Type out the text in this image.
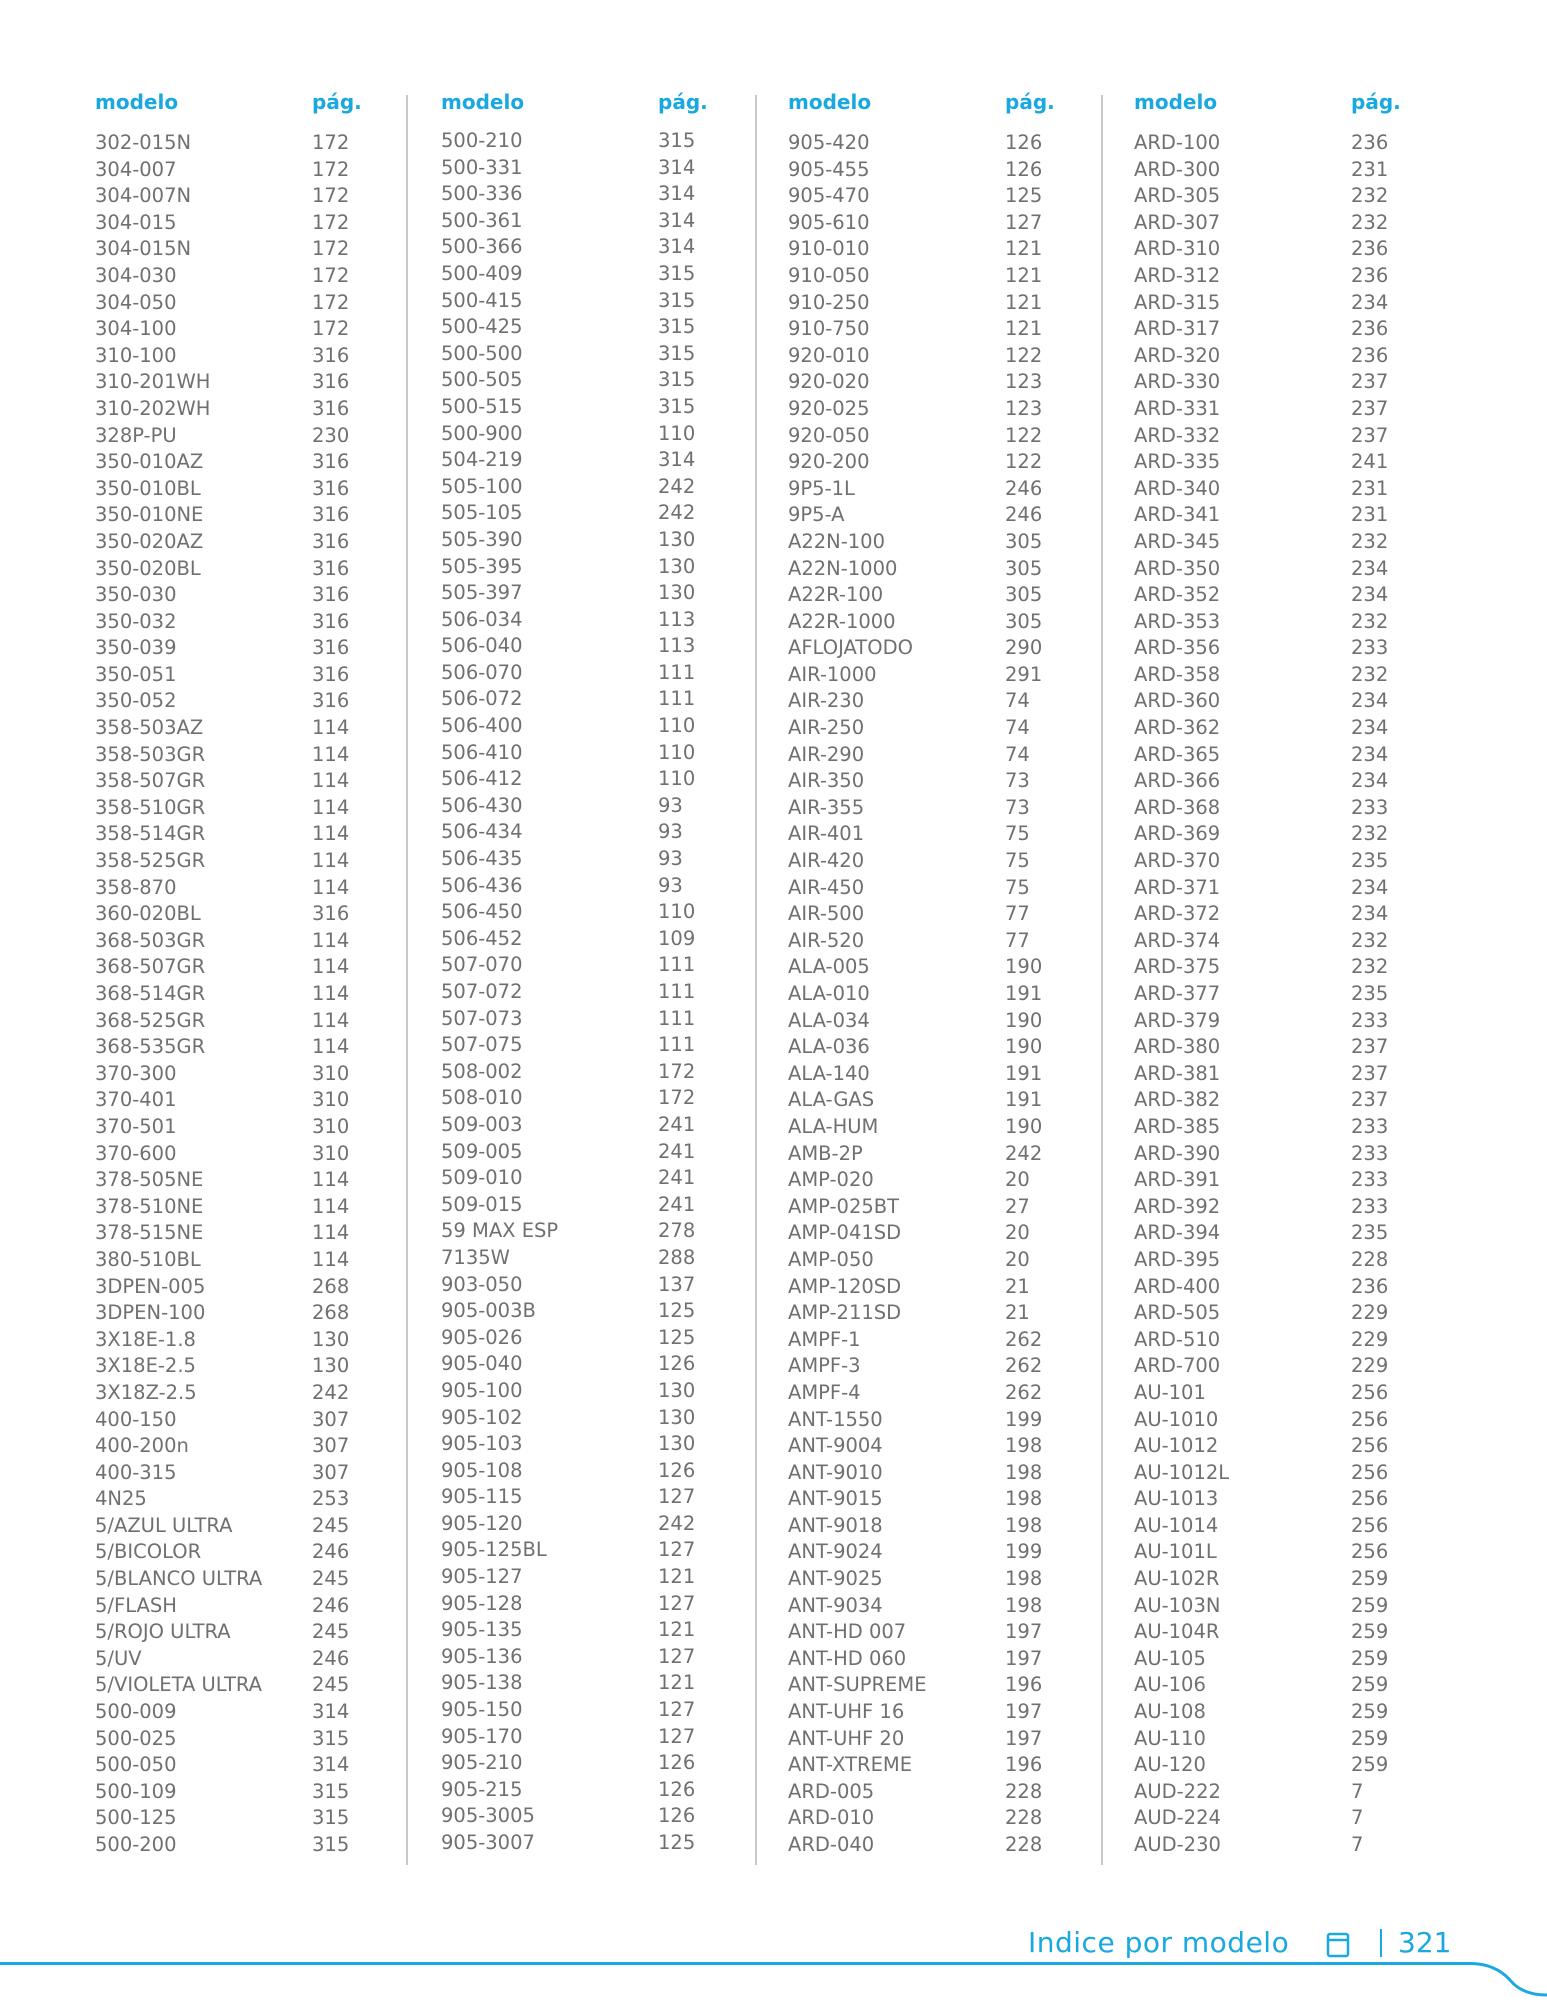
modelo	pág.
302-015N	172
304-007	172
304-007N	172
304-015	172
304-015N	172
304-030	172
304-050	172
304-100	172
310-100	316
310-201WH	316
310-202WH	316
328P-PU	230
350-010AZ	316
350-010BL	316
350-010NE	316
350-020AZ	316
350-020BL	316
350-030	316
350-032	316
350-039	316
350-051	316
350-052	316
358-503AZ	114
358-503GR	114
358-507GR	114
358-510GR	114
358-514GR	114
358-525GR	114
358-870	114
360-020BL	316
368-503GR	114
368-507GR	114
368-514GR	114
368-525GR	114
368-535GR	114
370-300	310
370-401	310
370-501	310
370-600	310
378-505NE	114
378-510NE	114
378-515NE	114
380-510BL	114
3DPEN-005	268
3DPEN-100	268
3X18E-1.8	130
3X18E-2.5	130
3X18Z-2.5	242
400-150	307
400-200n	307
400-315	307
4N25	253
5/AZUL ULTRA	245
5/BICOLOR	246
5/BLANCO ULTRA	245
5/FLASH	246
5/ROJO ULTRA	245
5/UV	246
5/VIOLETA ULTRA	245
500-009	314
500-025	315
500-050	314
500-109	315
500-125	315
500-200	315
modelo	pág.
500-210	315
500-331	314
500-336	314
500-361	314
500-366	314
500-409	315
500-415	315
500-425	315
500-500	315
500-505	315
500-515	315
500-900	110
504-219	314
505-100	242
505-105	242
505-390	130
505-395	130
505-397	130
506-034	113
506-040	113
506-070	111
506-072	111
506-400	110
506-410	110
506-412	110
506-430	93
506-434	93
506-435	93
506-436	93
506-450	110
506-452	109
507-070	111
507-072	111
507-073	111
507-075	111
508-002	172
508-010	172
509-003	241
509-005	241
509-010	241
509-015	241
59 MAX ESP	278
7135W	288
903-050	137
905-003B	125
905-026	125
905-040	126
905-100	130
905-102	130
905-103	130
905-108	126
905-115	127
905-120	242
905-125BL	127
905-127	121
905-128	127
905-135	121
905-136	127
905-138	121
905-150	127
905-170	127
905-210	126
905-215	126
905-3005	126
905-3007	125
modelo	pág.
905-420	126
905-455	126
905-470	125
905-610	127
910-010	121
910-050	121
910-250	121
910-750	121
920-010	122
920-020	123
920-025	123
920-050	122
920-200	122
9P5-1L	246
9P5-A	246
A22N-100	305
A22N-1000	305
A22R-100	305
A22R-1000	305
AFLOJATODO	290
AIR-1000	291
AIR-230	74
AIR-250	74
AIR-290	74
AIR-350	73
AIR-355	73
AIR-401	75
AIR-420	75
AIR-450	75
AIR-500	77
AIR-520	77
ALA-005	190
ALA-010	191
ALA-034	190
ALA-036	190
ALA-140	191
ALA-GAS	191
ALA-HUM	190
AMB-2P	242
AMP-020	20
AMP-025BT	27
AMP-041SD	20
AMP-050	20
AMP-120SD	21
AMP-211SD	21
AMPF-1	262
AMPF-3	262
AMPF-4	262
ANT-1550	199
ANT-9004	198
ANT-9010	198
ANT-9015	198
ANT-9018	198
ANT-9024	199
ANT-9025	198
ANT-9034	198
ANT-HD 007	197
ANT-HD 060	197
ANT-SUPREME	196
ANT-UHF 16	197
ANT-UHF 20	197
ANT-XTREME	196
ARD-005	228
ARD-010	228
ARD-040	228
modelo	pág.
ARD-100	236
ARD-300	231
ARD-305	232
ARD-307	232
ARD-310	236
ARD-312	236
ARD-315	234
ARD-317	236
ARD-320	236
ARD-330	237
ARD-331	237
ARD-332	237
ARD-335	241
ARD-340	231
ARD-341	231
ARD-345	232
ARD-350	234
ARD-352	234
ARD-353	232
ARD-356	233
ARD-358	232
ARD-360	234
ARD-362	234
ARD-365	234
ARD-366	234
ARD-368	233
ARD-369	232
ARD-370	235
ARD-371	234
ARD-372	234
ARD-374	232
ARD-375	232
ARD-377	235
ARD-379	233
ARD-380	237
ARD-381	237
ARD-382	237
ARD-385	233
ARD-390	233
ARD-391	233
ARD-392	233
ARD-394	235
ARD-395	228
ARD-400	236
ARD-505	229
ARD-510	229
ARD-700	229
AU-101	256
AU-1010	256
AU-1012	256
AU-1012L	256
AU-1013	256
AU-1014	256
AU-101L	256
AU-102R	259
AU-103N	259
AU-104R	259
AU-105	259
AU-106	259
AU-108	259
AU-110	259
AU-120	259
AUD-222	7
AUD-224	7
AUD-230	7
Indice por modelo	321
